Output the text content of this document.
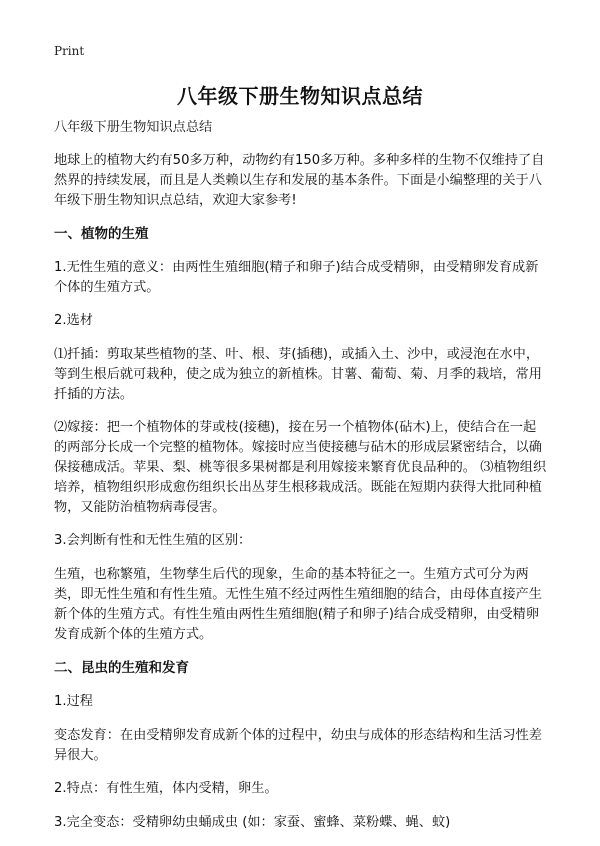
Print
八年级下册生物知识点总结

八年级下册生物知识点总结

地球上的植物大约有50多万种，动物约有150多万种。多种多样的生物不仅维持了自然界的持续发展，而且是人类赖以生存和发展的基本条件。下面是小编整理的关于八年级下册生物知识点总结，欢迎大家参考!

一、植物的生殖

1.无性生殖的意义：由两性生殖细胞(精子和卵子)结合成受精卵，由受精卵发育成新个体的生殖方式。

2.选材

⑴扦插：剪取某些植物的茎、叶、根、芽(插穗)，或插入土、沙中，或浸泡在水中，等到生根后就可栽种，使之成为独立的新植株。甘薯、葡萄、菊、月季的栽培，常用扦插的方法。

⑵嫁接：把一个植物体的芽或枝(接穗)，接在另一个植物体(砧木)上，使结合在一起的两部分长成一个完整的植物体。嫁接时应当使接穗与砧木的形成层紧密结合，以确保接穗成活。苹果、梨、桃等很多果树都是利用嫁接来繁育优良品种的。 ⑶植物组织培养，植物组织形成愈伤组织长出丛芽生根移栽成活。既能在短期内获得大批同种植物，又能防治植物病毒侵害。

3.会判断有性和无性生殖的区别：

生殖，也称繁殖，生物孳生后代的现象，生命的基本特征之一。生殖方式可分为两类，即无性生殖和有性生殖。无性生殖不经过两性生殖细胞的结合，由母体直接产生新个体的生殖方式。有性生殖由两性生殖细胞(精子和卵子)结合成受精卵，由受精卵发育成新个体的生殖方式。

二、昆虫的生殖和发育

1.过程

变态发育：在由受精卵发育成新个体的过程中，幼虫与成体的形态结构和生活习性差异很大。

2.特点：有性生殖，体内受精，卵生。

3.完全变态：受精卵幼虫蛹成虫 (如：家蚕、蜜蜂、菜粉蝶、蝇、蚊)
